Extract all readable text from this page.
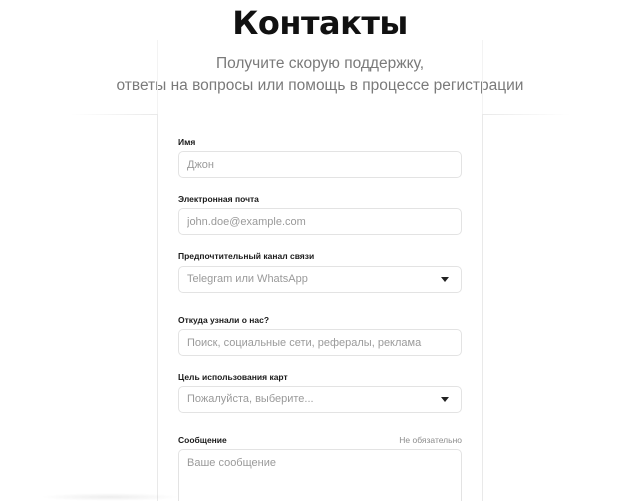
Контакты
Получите скорую поддержку,
ответы на вопросы или помощь в процессе регистрации
Имя
Джон
Электронная почта
john.doe@example.com
Предпочтительный канал связи
Telegram или WhatsApp
Откуда узнали о нас?
Поиск, социальные сети, рефералы, реклама
Цель использования карт
Пожалуйста, выберите...
Сообщение	Не обязательно
Ваше сообщение
